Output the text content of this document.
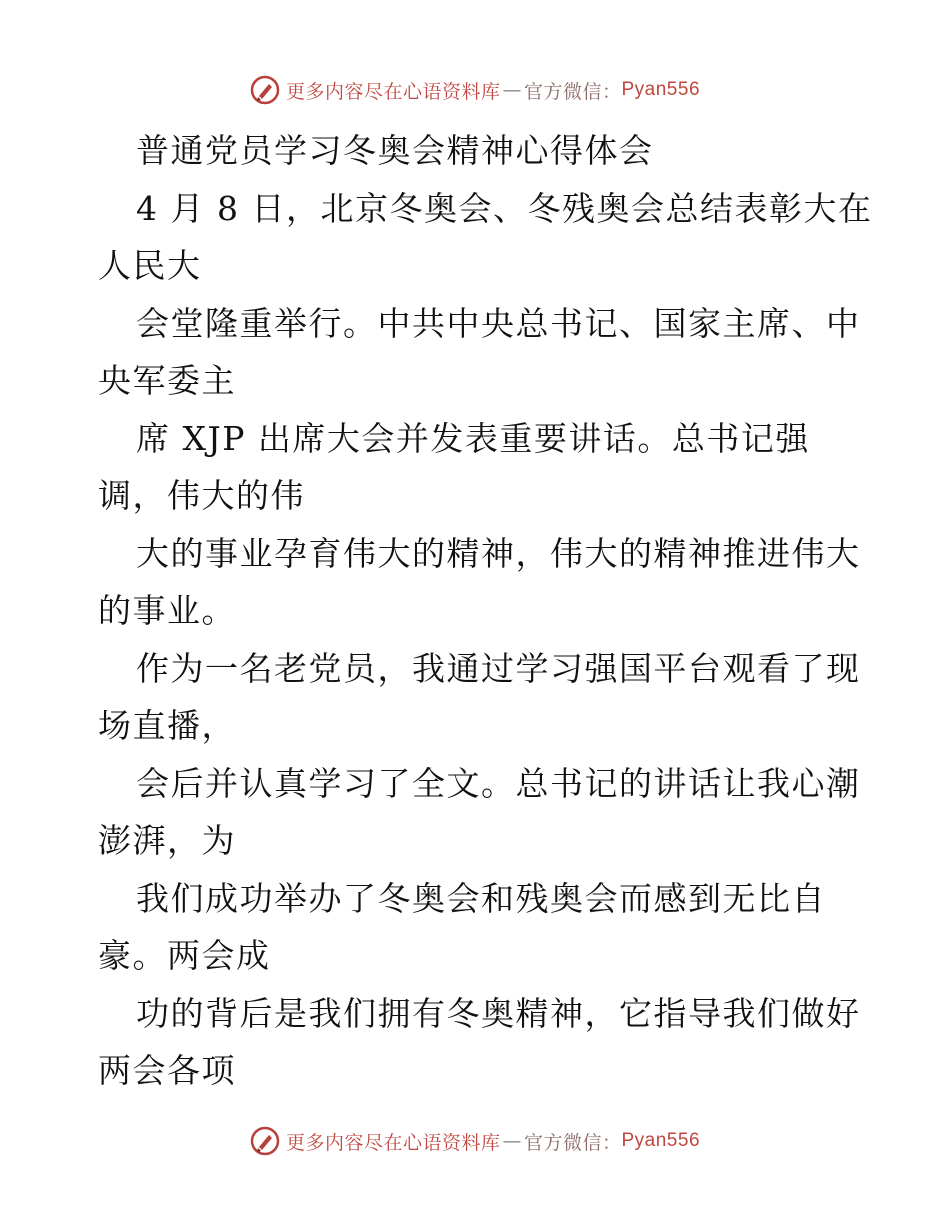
更多内容尽在心语资料库 — 官方微信： Pyan556
普通党员学习冬奥会精神心得体会
4 月 8 日，北京冬奥会、冬残奥会总结表彰大在
人民大
会堂隆重举行。中共中央总书记、国家主席、中
央军委主
席 XJP 出席大会并发表重要讲话。总书记强
调，伟大的伟
大的事业孕育伟大的精神，伟大的精神推进伟大
的事业。
作为一名老党员，我通过学习强国平台观看了现
场直播，
会后并认真学习了全文。总书记的讲话让我心潮
澎湃，为
我们成功举办了冬奥会和残奥会而感到无比自
豪。两会成
功的背后是我们拥有冬奥精神，它指导我们做好
两会各项
更多内容尽在心语资料库 — 官方微信： Pyan556
